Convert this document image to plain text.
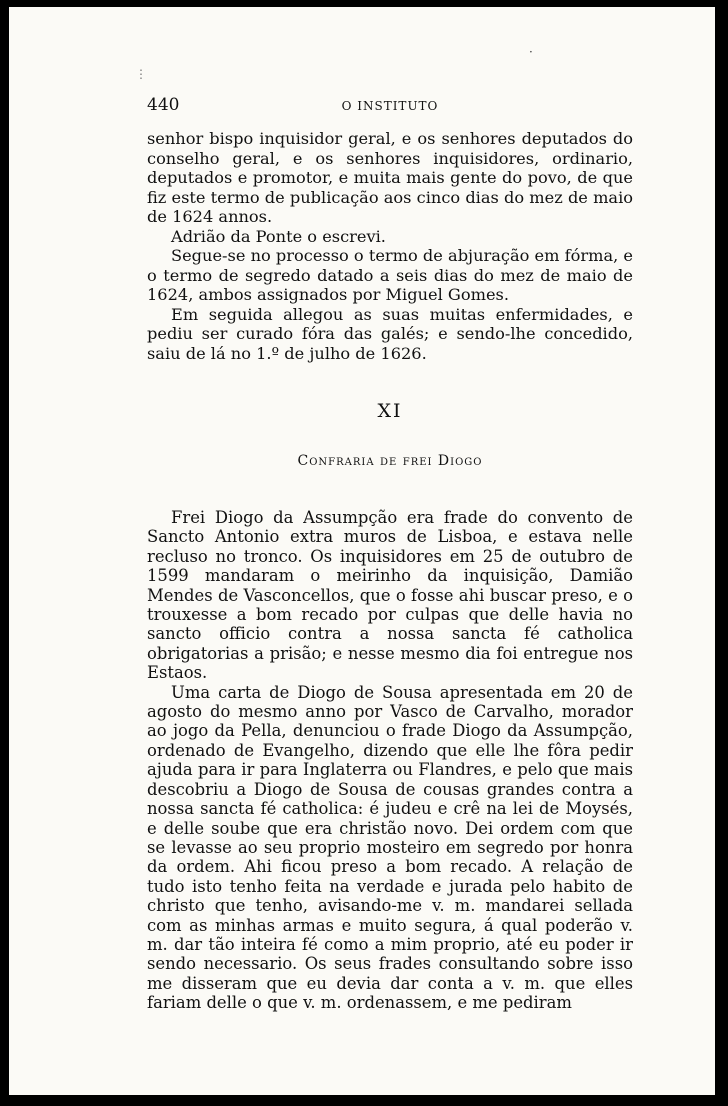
·
⋮
440	O INSTITUTO

senhor bispo inquisidor geral, e os senhores deputados do conselho geral, e os senhores inquisidores, ordinario, deputados e promotor, e muita mais gente do povo, de que fiz este termo de publicação aos cinco dias do mez de maio de 1624 annos.

Adrião da Ponte o escrevi.

Segue-se no processo o termo de abjuração em fórma, e o termo de segredo datado a seis dias do mez de maio de 1624, ambos assignados por Miguel Gomes.

Em seguida allegou as suas muitas enfermidades, e pediu ser curado fóra das galés; e sendo-lhe concedido, saiu de lá no 1.º de julho de 1626.

XI
Confraria de frei Diogo

Frei Diogo da Assumpção era frade do convento de Sancto Antonio extra muros de Lisboa, e estava nelle recluso no tronco. Os inquisidores em 25 de outubro de 1599 mandaram o meirinho da inquisição, Damião Mendes de Vasconcellos, que o fosse ahi buscar preso, e o trouxesse a bom recado por culpas que delle havia no sancto officio contra a nossa sancta fé catholica obrigatorias a prisão; e nesse mesmo dia foi entregue nos Estaos.

Uma carta de Diogo de Sousa apresentada em 20 de agosto do mesmo anno por Vasco de Carvalho, morador ao jogo da Pella, denunciou o frade Diogo da Assumpção, ordenado de Evangelho, dizendo que elle lhe fôra pedir ajuda para ir para Inglaterra ou Flandres, e pelo que mais descobriu a Diogo de Sousa de cousas grandes contra a nossa sancta fé catholica: é judeu e crê na lei de Moysés, e delle soube que era christão novo. Dei ordem com que se levasse ao seu proprio mosteiro em segredo por honra da ordem. Ahi ficou preso a bom recado. A relação de tudo isto tenho feita na verdade e jurada pelo habito de christo que tenho, avisando-me v. m. mandarei sellada com as minhas armas e muito segura, á qual poderão v. m. dar tão inteira fé como a mim proprio, até eu poder ir sendo necessario. Os seus frades consultando sobre isso me disseram que eu devia dar conta a v. m. que elles fariam delle o que v. m. ordenassem, e me pediram
